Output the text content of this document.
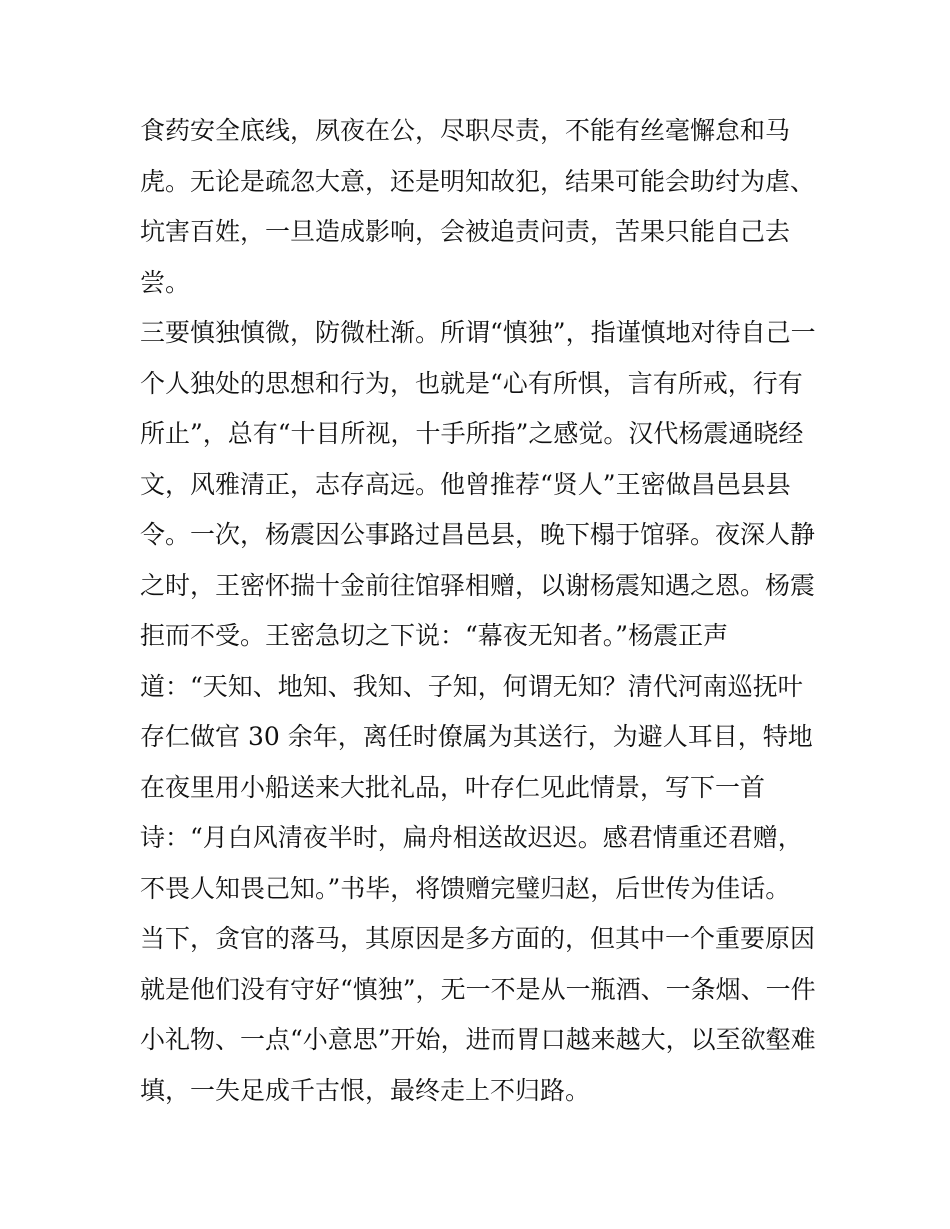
食药安全底线，夙夜在公，尽职尽责，不能有丝毫懈怠和马
虎。无论是疏忽大意，还是明知故犯，结果可能会助纣为虐、
坑害百姓，一旦造成影响，会被追责问责，苦果只能自己去
尝。
三要慎独慎微，防微杜渐。所谓“慎独”，指谨慎地对待自己一
个人独处的思想和行为，也就是“心有所惧，言有所戒，行有
所止”，总有“十目所视，十手所指”之感觉。汉代杨震通晓经
文，风雅清正，志存高远。他曾推荐“贤人”王密做昌邑县县
令。一次，杨震因公事路过昌邑县，晚下榻于馆驿。夜深人静
之时，王密怀揣十金前往馆驿相赠，以谢杨震知遇之恩。杨震
拒而不受。王密急切之下说：“幕夜无知者。”杨震正声
道：“天知、地知、我知、子知，何谓无知？清代河南巡抚叶
存仁做官 30 余年，离任时僚属为其送行，为避人耳目，特地
在夜里用小船送来大批礼品，叶存仁见此情景，写下一首
诗：“月白风清夜半时，扁舟相送故迟迟。感君情重还君赠，
不畏人知畏己知。”书毕，将馈赠完璧归赵，后世传为佳话。
当下，贪官的落马，其原因是多方面的，但其中一个重要原因
就是他们没有守好“慎独”，无一不是从一瓶酒、一条烟、一件
小礼物、一点“小意思”开始，进而胃口越来越大，以至欲壑难
填，一失足成千古恨，最终走上不归路。
